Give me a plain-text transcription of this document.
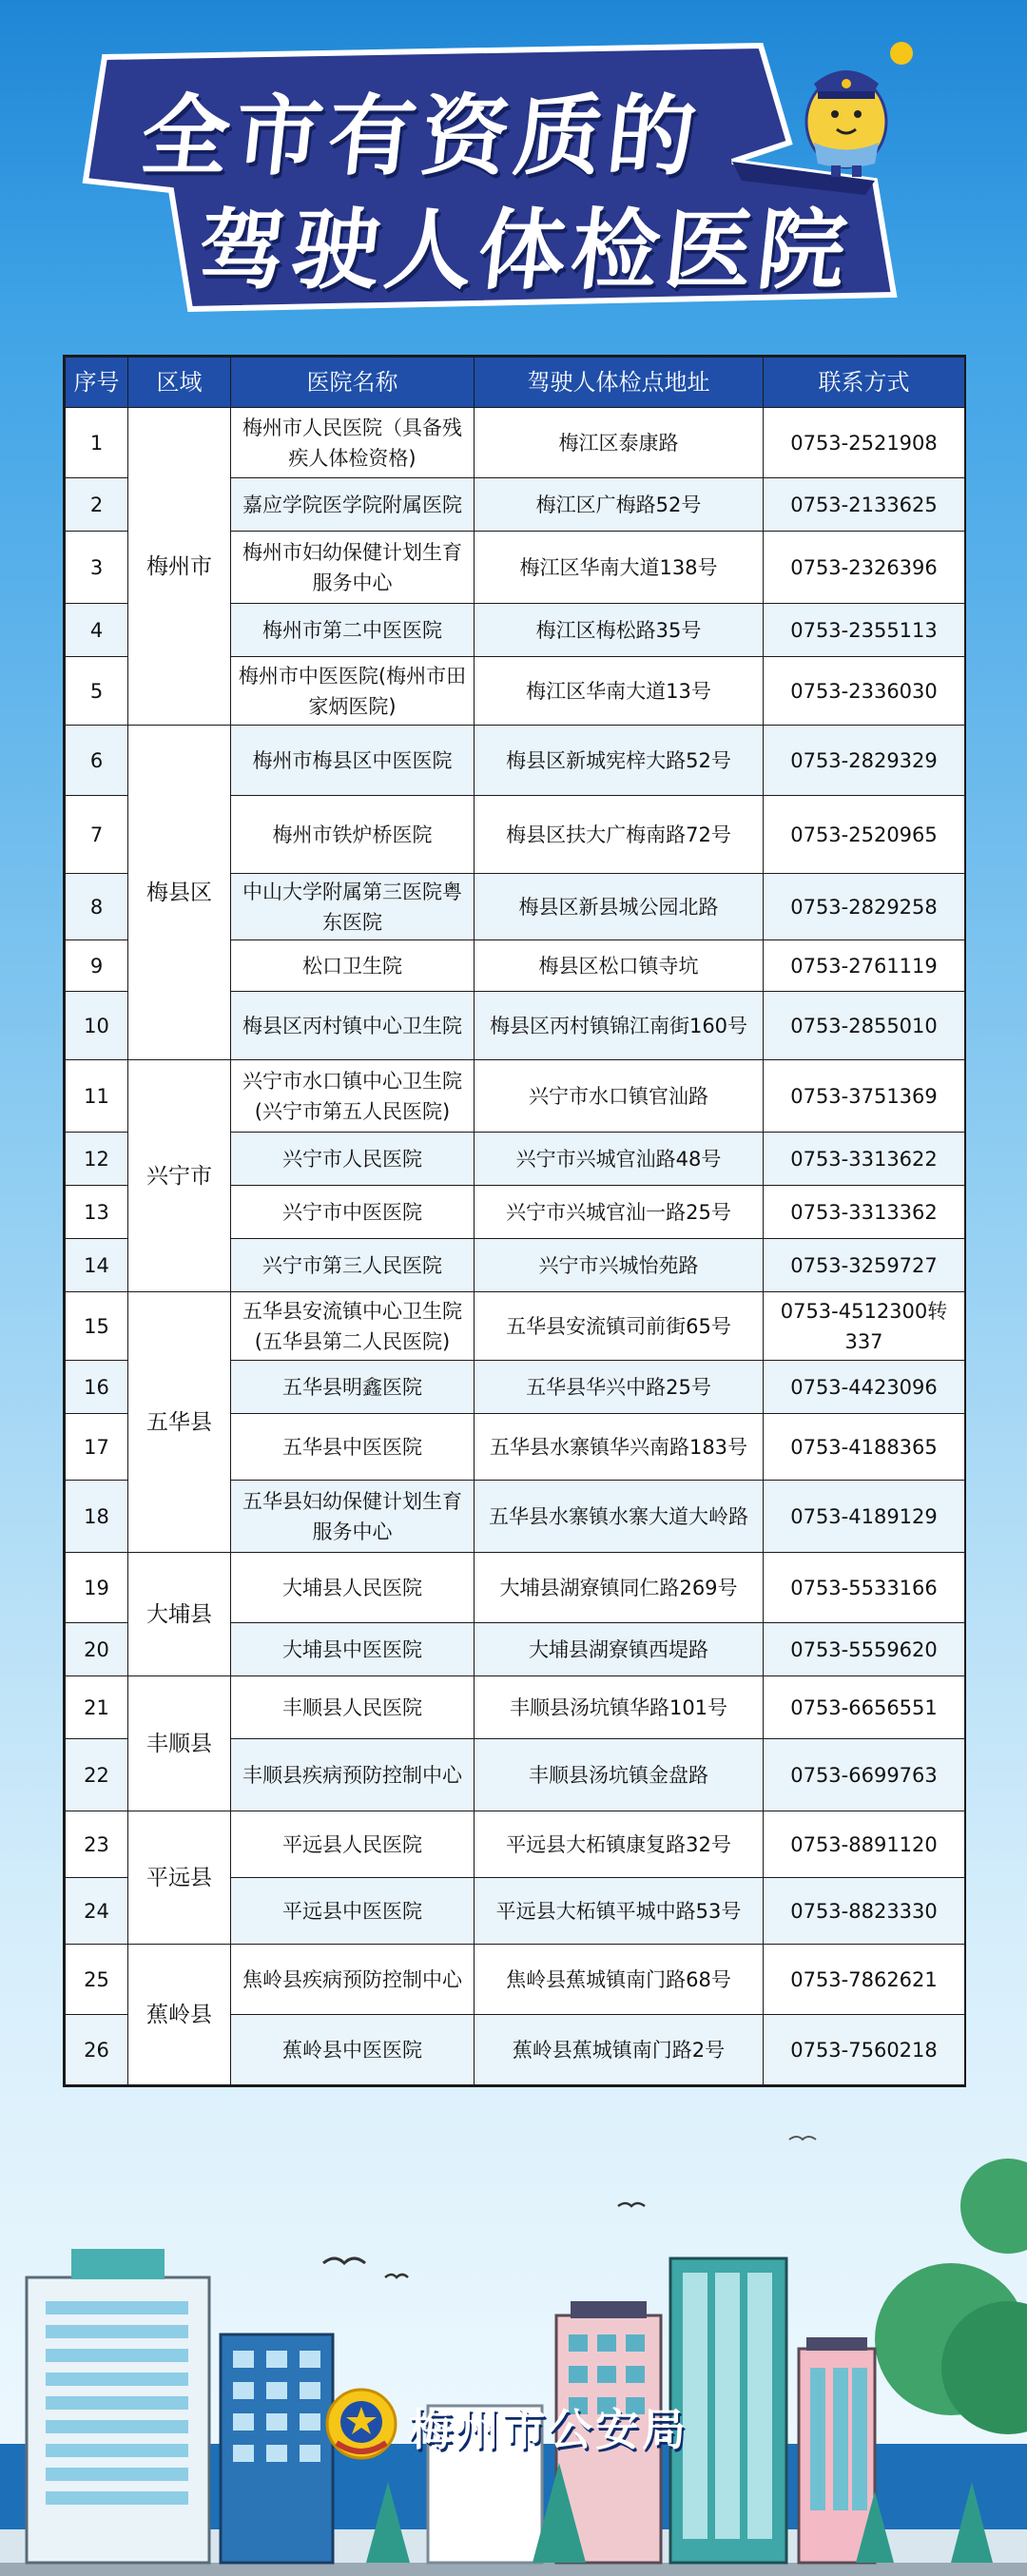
全市有资质的
驾驶人体检医院
序号	区域	医院名称	驾驶人体检点地址	联系方式
1	梅州市	梅州市人民医院（具备残疾人体检资格)	梅江区泰康路	0753-2521908
2		嘉应学院医学院附属医院	梅江区广梅路52号	0753-2133625
3		梅州市妇幼保健计划生育服务中心	梅江区华南大道138号	0753-2326396
4		梅州市第二中医医院	梅江区梅松路35号	0753-2355113
5		梅州市中医医院(梅州市田家炳医院)	梅江区华南大道13号	0753-2336030
6	梅县区	梅州市梅县区中医医院	梅县区新城宪梓大路52号	0753-2829329
7		梅州市铁炉桥医院	梅县区扶大广梅南路72号	0753-2520965
8		中山大学附属第三医院粤东医院	梅县区新县城公园北路	0753-2829258
9		松口卫生院	梅县区松口镇寺坑	0753-2761119
10		梅县区丙村镇中心卫生院	梅县区丙村镇锦江南街160号	0753-2855010
11	兴宁市	兴宁市水口镇中心卫生院(兴宁市第五人民医院)	兴宁市水口镇官汕路	0753-3751369
12		兴宁市人民医院	兴宁市兴城官汕路48号	0753-3313622
13		兴宁市中医医院	兴宁市兴城官汕一路25号	0753-3313362
14		兴宁市第三人民医院	兴宁市兴城怡苑路	0753-3259727
15	五华县	五华县安流镇中心卫生院(五华县第二人民医院)	五华县安流镇司前街65号	0753-4512300转337
16		五华县明鑫医院	五华县华兴中路25号	0753-4423096
17		五华县中医医院	五华县水寨镇华兴南路183号	0753-4188365
18		五华县妇幼保健计划生育服务中心	五华县水寨镇水寨大道大岭路	0753-4189129
19	大埔县	大埔县人民医院	大埔县湖寮镇同仁路269号	0753-5533166
20		大埔县中医医院	大埔县湖寮镇西堤路	0753-5559620
21	丰顺县	丰顺县人民医院	丰顺县汤坑镇华路101号	0753-6656551
22		丰顺县疾病预防控制中心	丰顺县汤坑镇金盘路	0753-6699763
23	平远县	平远县人民医院	平远县大柘镇康复路32号	0753-8891120
24		平远县中医医院	平远县大柘镇平城中路53号	0753-8823330
25	蕉岭县	焦岭县疾病预防控制中心	焦岭县蕉城镇南门路68号	0753-7862621
26		蕉岭县中医医院	蕉岭县蕉城镇南门路2号	0753-7560218
梅州市公安局
